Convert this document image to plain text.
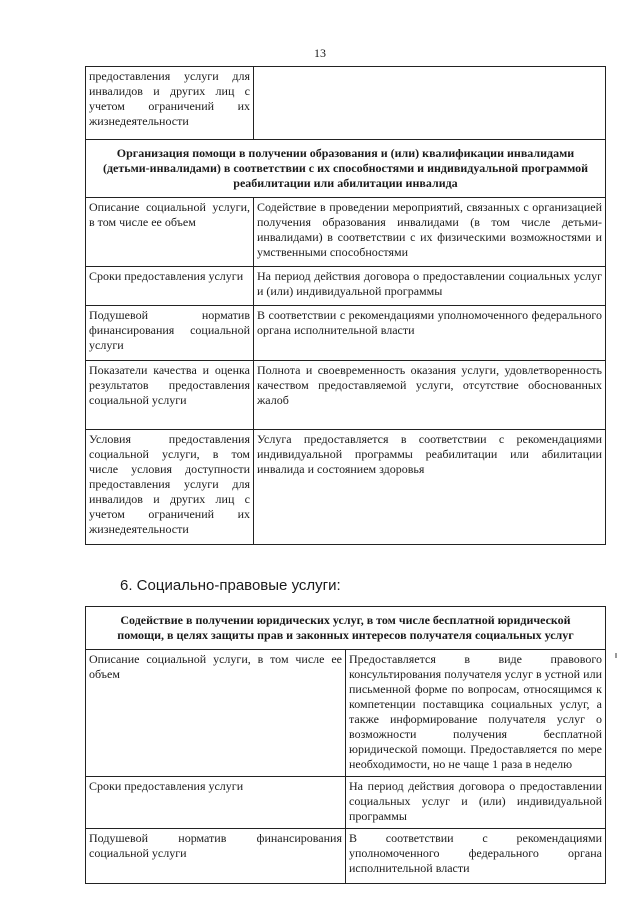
13
предоставления услуги для инвалидов и других лиц с учетом ограничений их жизнедеятельности	
Организация помощи в получении образования и (или) квалификации инвалидами (детьми-инвалидами) в соответствии с их способностями и индивидуальной программой реабилитации или абилитации инвалида	
Описание социальной услуги, в том числе ее объем	Содействие в проведении мероприятий, связанных с организацией получения образования инвалидами (в том числе детьми-инвалидами) в соответствии с их физическими возможностями и умственными способностями
Сроки предоставления услуги	На период действия договора о предоставлении социальных услуг и (или) индивидуальной программы
Подушевой норматив финансирования социальной услуги	В соответствии с рекомендациями уполномоченного федерального органа исполнительной власти
Показатели качества и оценка результатов предоставления социальной услуги	Полнота и своевременность оказания услуги, удовлетворенность качеством предоставляемой услуги, отсутствие обоснованных жалоб
Условия предоставления социальной услуги, в том числе условия доступности предоставления услуги для инвалидов и других лиц с учетом ограничений их жизнедеятельности	Услуга предоставляется в соответствии с рекомендациями индивидуальной программы реабилитации или абилитации инвалида и состоянием здоровья
6. Социально-правовые услуги:
Содействие в получении юридических услуг, в том числе бесплатной юридической помощи, в целях защиты прав и законных интересов получателя социальных услуг	
Описание социальной услуги, в том числе ее объем	Предоставляется в виде правового консультирования получателя услуг в устной или письменной форме по вопросам, относящимся к компетенции поставщика социальных услуг, а также информирование получателя услуг о возможности получения бесплатной юридической помощи. Предоставляется по мере необходимости, но не чаще 1 раза в неделю
Сроки предоставления услуги	На период действия договора о предоставлении социальных услуг и (или) индивидуальной программы
Подушевой норматив финансирования социальной услуги	В соответствии с рекомендациями уполномоченного федерального органа исполнительной власти
